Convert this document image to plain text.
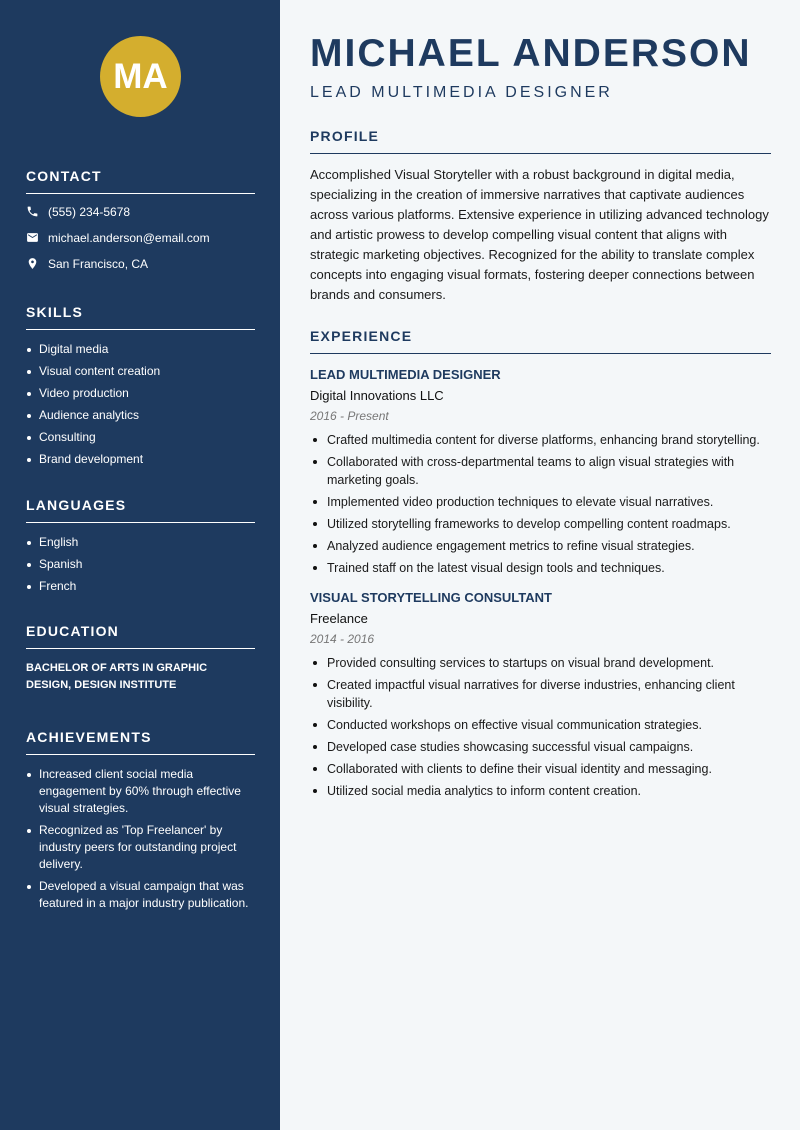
MA
CONTACT
(555) 234-5678
michael.anderson@email.com
San Francisco, CA
SKILLS
Digital media
Visual content creation
Video production
Audience analytics
Consulting
Brand development
LANGUAGES
English
Spanish
French
EDUCATION
BACHELOR OF ARTS IN GRAPHIC DESIGN, DESIGN INSTITUTE
ACHIEVEMENTS
Increased client social media engagement by 60% through effective visual strategies.
Recognized as 'Top Freelancer' by industry peers for outstanding project delivery.
Developed a visual campaign that was featured in a major industry publication.
MICHAEL ANDERSON
LEAD MULTIMEDIA DESIGNER
PROFILE
Accomplished Visual Storyteller with a robust background in digital media, specializing in the creation of immersive narratives that captivate audiences across various platforms. Extensive experience in utilizing advanced technology and artistic prowess to develop compelling visual content that aligns with strategic marketing objectives. Recognized for the ability to translate complex concepts into engaging visual formats, fostering deeper connections between brands and consumers.
EXPERIENCE
LEAD MULTIMEDIA DESIGNER
Digital Innovations LLC
2016 - Present
Crafted multimedia content for diverse platforms, enhancing brand storytelling.
Collaborated with cross-departmental teams to align visual strategies with marketing goals.
Implemented video production techniques to elevate visual narratives.
Utilized storytelling frameworks to develop compelling content roadmaps.
Analyzed audience engagement metrics to refine visual strategies.
Trained staff on the latest visual design tools and techniques.
VISUAL STORYTELLING CONSULTANT
Freelance
2014 - 2016
Provided consulting services to startups on visual brand development.
Created impactful visual narratives for diverse industries, enhancing client visibility.
Conducted workshops on effective visual communication strategies.
Developed case studies showcasing successful visual campaigns.
Collaborated with clients to define their visual identity and messaging.
Utilized social media analytics to inform content creation.
